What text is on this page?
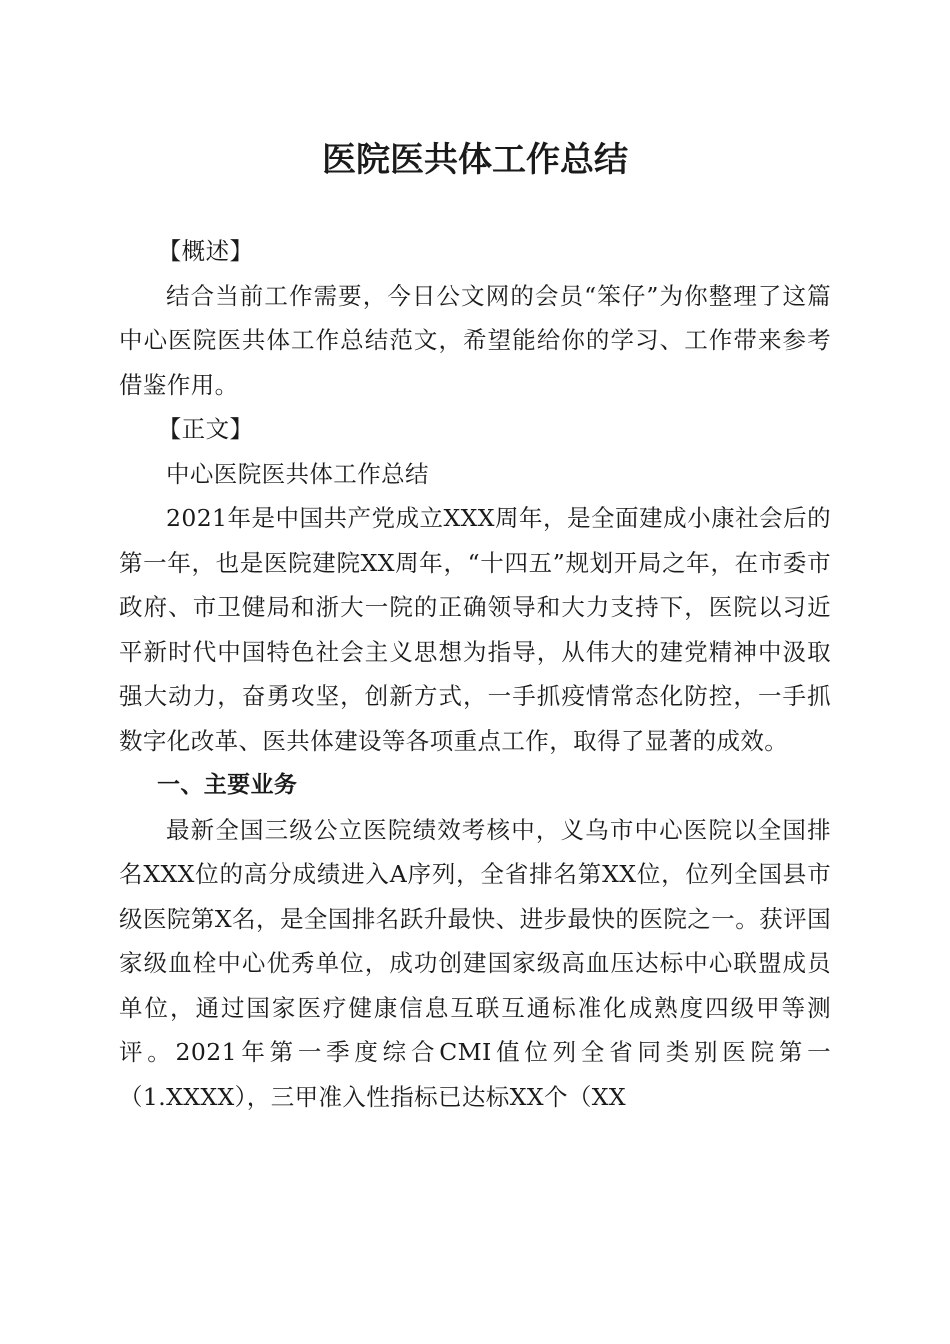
医院医共体工作总结

【概述】

结合当前工作需要，今日公文网的会员“笨仔”为你整理了这篇中心医院医共体工作总结范文，希望能给你的学习、工作带来参考借鉴作用。

【正文】

中心医院医共体工作总结

2021年是中国共产党成立XXX周年，是全面建成小康社会后的第一年，也是医院建院XX周年，“十四五”规划开局之年，在市委市政府、市卫健局和浙大一院的正确领导和大力支持下，医院以习近平新时代中国特色社会主义思想为指导，从伟大的建党精神中汲取强大动力，奋勇攻坚，创新方式，一手抓疫情常态化防控，一手抓数字化改革、医共体建设等各项重点工作，取得了显著的成效。

一、主要业务

最新全国三级公立医院绩效考核中，义乌市中心医院以全国排名XXX位的高分成绩进入A序列，全省排名第XX位，位列全国县市级医院第X名，是全国排名跃升最快、进步最快的医院之一。获评国家级血栓中心优秀单位，成功创建国家级高血压达标中心联盟成员单位，通过国家医疗健康信息互联互通标准化成熟度四级甲等测评。2021年第一季度综合CMI值位列全省同类别医院第一（1.XXXX），三甲准入性指标已达标XX个（XX
